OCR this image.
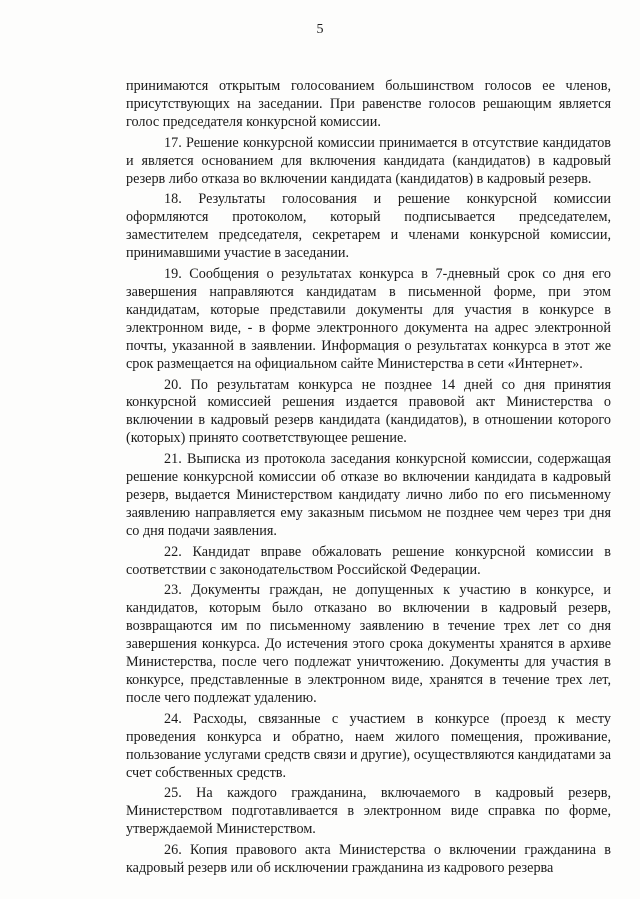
5

принимаются открытым голосованием большинством голосов ее членов, присутствующих на заседании. При равенстве голосов решающим является голос председателя конкурсной комиссии.

17. Решение конкурсной комиссии принимается в отсутствие кандидатов и является основанием для включения кандидата (кандидатов) в кадровый резерв либо отказа во включении кандидата (кандидатов) в кадровый резерв.

18. Результаты голосования и решение конкурсной комиссии оформляются протоколом, который подписывается председателем, заместителем председателя, секретарем и членами конкурсной комиссии, принимавшими участие в заседании.

19. Сообщения о результатах конкурса в 7-дневный срок со дня его завершения направляются кандидатам в письменной форме, при этом кандидатам, которые представили документы для участия в конкурсе в электронном виде, - в форме электронного документа на адрес электронной почты, указанной в заявлении. Информация о результатах конкурса в этот же срок размещается на официальном сайте Министерства в сети «Интернет».

20. По результатам конкурса не позднее 14 дней со дня принятия конкурсной комиссией решения издается правовой акт Министерства о включении в кадровый резерв кандидата (кандидатов), в отношении которого (которых) принято соответствующее решение.

21. Выписка из протокола заседания конкурсной комиссии, содержащая решение конкурсной комиссии об отказе во включении кандидата в кадровый резерв, выдается Министерством кандидату лично либо по его письменному заявлению направляется ему заказным письмом не позднее чем через три дня со дня подачи заявления.

22. Кандидат вправе обжаловать решение конкурсной комиссии в соответствии с законодательством Российской Федерации.

23. Документы граждан, не допущенных к участию в конкурсе, и кандидатов, которым было отказано во включении в кадровый резерв, возвращаются им по письменному заявлению в течение трех лет со дня завершения конкурса. До истечения этого срока документы хранятся в архиве Министерства, после чего подлежат уничтожению. Документы для участия в конкурсе, представленные в электронном виде, хранятся в течение трех лет, после чего подлежат удалению.

24. Расходы, связанные с участием в конкурсе (проезд к месту проведения конкурса и обратно, наем жилого помещения, проживание, пользование услугами средств связи и другие), осуществляются кандидатами за счет собственных средств.

25. На каждого гражданина, включаемого в кадровый резерв, Министерством подготавливается в электронном виде справка по форме, утверждаемой Министерством.

26. Копия правового акта Министерства о включении гражданина в кадровый резерв или об исключении гражданина из кадрового резерва
